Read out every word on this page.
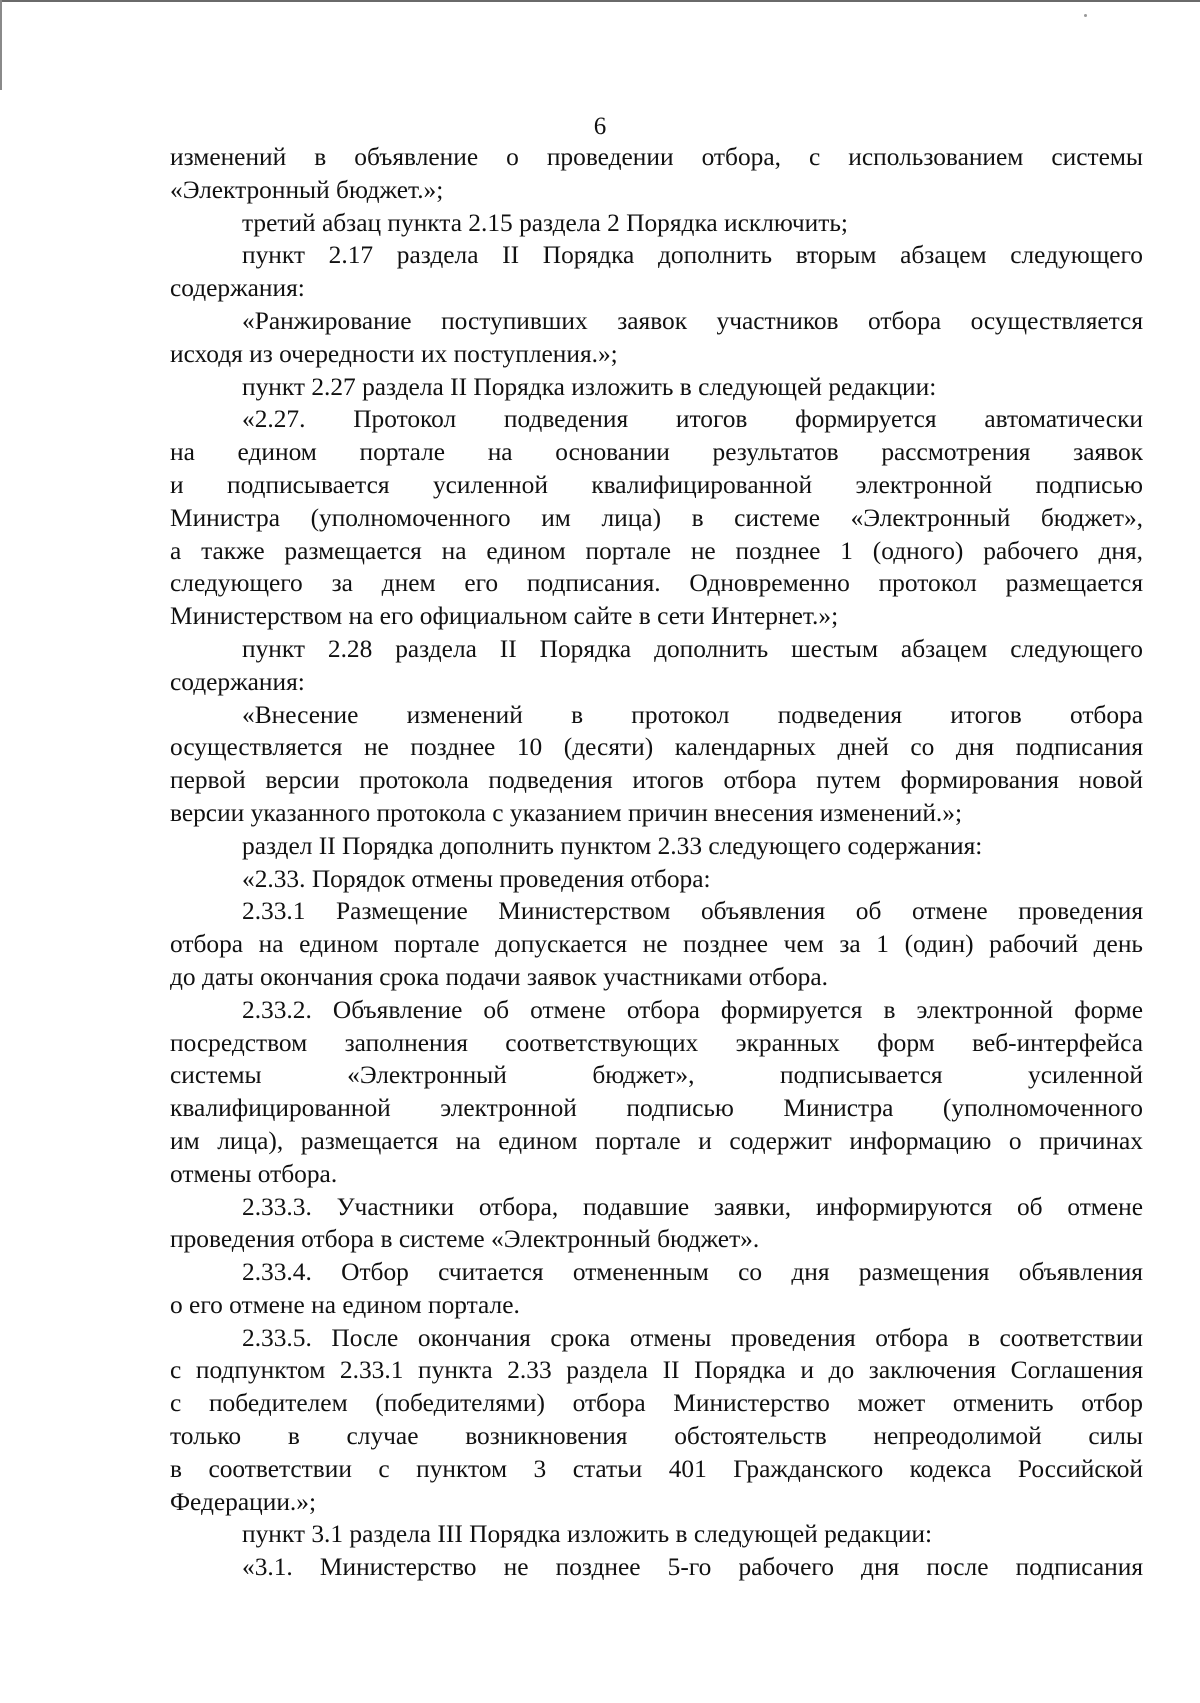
6
изменений в объявление о проведении отбора, с использованием системы
«Электронный бюджет.»;
третий абзац пункта 2.15 раздела 2 Порядка исключить;
пункт 2.17 раздела II Порядка дополнить вторым абзацем следующего
содержания:
«Ранжирование поступивших заявок участников отбора осуществляется
исходя из очередности их поступления.»;
пункт 2.27 раздела II Порядка изложить в следующей редакции:
«2.27. Протокол подведения итогов формируется автоматически
на едином портале на основании результатов рассмотрения заявок
и подписывается усиленной квалифицированной электронной подписью
Министра (уполномоченного им лица) в системе «Электронный бюджет»,
а также размещается на едином портале не позднее 1 (одного) рабочего дня,
следующего за днем его подписания. Одновременно протокол размещается
Министерством на его официальном сайте в сети Интернет.»;
пункт 2.28 раздела II Порядка дополнить шестым абзацем следующего
содержания:
«Внесение изменений в протокол подведения итогов отбора
осуществляется не позднее 10 (десяти) календарных дней со дня подписания
первой версии протокола подведения итогов отбора путем формирования новой
версии указанного протокола с указанием причин внесения изменений.»;
раздел II Порядка дополнить пунктом 2.33 следующего содержания:
«2.33. Порядок отмены проведения отбора:
2.33.1 Размещение Министерством объявления об отмене проведения
отбора на едином портале допускается не позднее чем за 1 (один) рабочий день
до даты окончания срока подачи заявок участниками отбора.
2.33.2. Объявление об отмене отбора формируется в электронной форме
посредством заполнения соответствующих экранных форм веб-интерфейса
системы «Электронный бюджет», подписывается усиленной
квалифицированной электронной подписью Министра (уполномоченного
им лица), размещается на едином портале и содержит информацию о причинах
отмены отбора.
2.33.3. Участники отбора, подавшие заявки, информируются об отмене
проведения отбора в системе «Электронный бюджет».
2.33.4. Отбор считается отмененным со дня размещения объявления
о его отмене на едином портале.
2.33.5. После окончания срока отмены проведения отбора в соответствии
с подпунктом 2.33.1 пункта 2.33 раздела II Порядка и до заключения Соглашения
с победителем (победителями) отбора Министерство может отменить отбор
только в случае возникновения обстоятельств непреодолимой силы
в соответствии с пунктом 3 статьи 401 Гражданского кодекса Российской
Федерации.»;
пункт 3.1 раздела III Порядка изложить в следующей редакции:
«3.1. Министерство не позднее 5-го рабочего дня после подписания
